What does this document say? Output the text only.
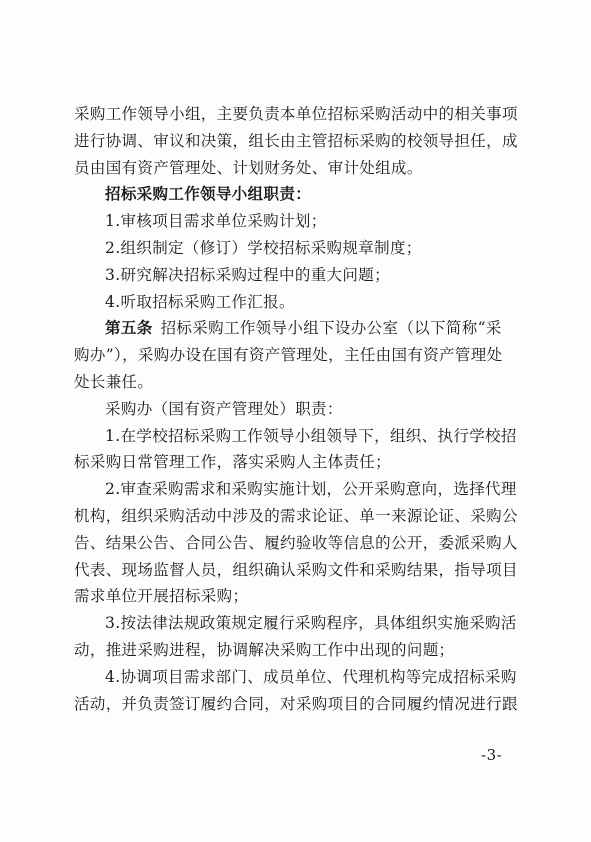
采购工作领导小组，主要负责本单位招标采购活动中的相关事项
进行协调、审议和决策，组长由主管招标采购的校领导担任，成
员由国有资产管理处、计划财务处、审计处组成。
招标采购工作领导小组职责：
1.审核项目需求单位采购计划；
2.组织制定（修订）学校招标采购规章制度；
3.研究解决招标采购过程中的重大问题；
4.听取招标采购工作汇报。
第五条 招标采购工作领导小组下设办公室（以下简称“采
购办”），采购办设在国有资产管理处，主任由国有资产管理处
处长兼任。
采购办（国有资产管理处）职责：
1.在学校招标采购工作领导小组领导下，组织、执行学校招
标采购日常管理工作，落实采购人主体责任；
2.审查采购需求和采购实施计划，公开采购意向，选择代理
机构，组织采购活动中涉及的需求论证、单一来源论证、采购公
告、结果公告、合同公告、履约验收等信息的公开，委派采购人
代表、现场监督人员，组织确认采购文件和采购结果，指导项目
需求单位开展招标采购；
3.按法律法规政策规定履行采购程序，具体组织实施采购活
动，推进采购进程，协调解决采购工作中出现的问题；
4.协调项目需求部门、成员单位、代理机构等完成招标采购
活动，并负责签订履约合同，对采购项目的合同履约情况进行跟
-3-
